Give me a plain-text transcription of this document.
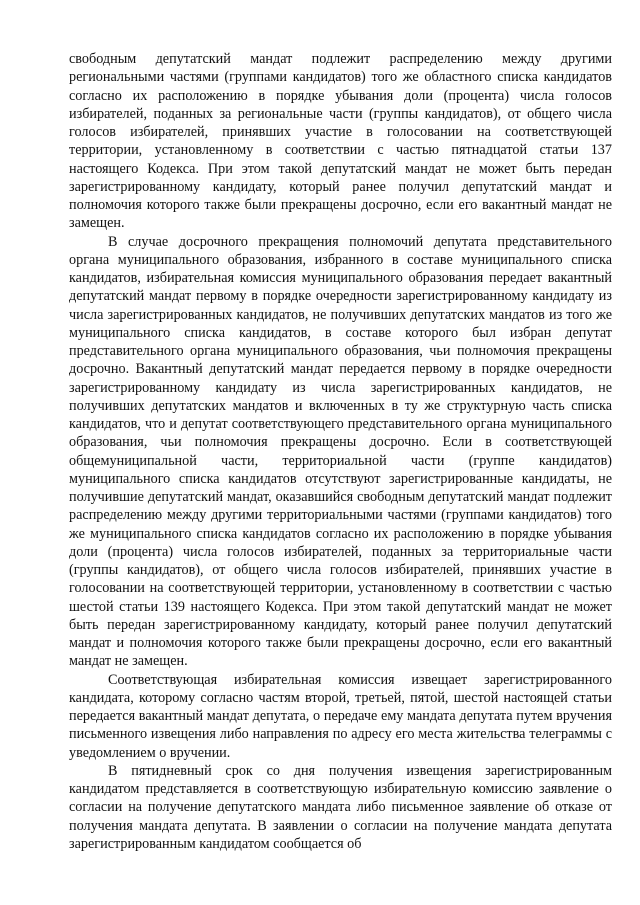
свободным депутатский мандат подлежит распределению между другими региональными частями (группами кандидатов) того же областного списка кандидатов согласно их расположению в порядке убывания доли (процента) числа голосов избирателей, поданных за региональные части (группы кандидатов), от общего числа голосов избирателей, принявших участие в голосовании на соответствующей территории, установленному в соответствии с частью пятнадцатой статьи 137 настоящего Кодекса. При этом такой депутатский мандат не может быть передан зарегистрированному кандидату, который ранее получил депутатский мандат и полномочия которого также были прекращены досрочно, если его вакантный мандат не замещен.

В случае досрочного прекращения полномочий депутата представительного органа муниципального образования, избранного в составе муниципального списка кандидатов, избирательная комиссия муниципального образования передает вакантный депутатский мандат первому в порядке очередности зарегистрированному кандидату из числа зарегистрированных кандидатов, не получивших депутатских мандатов из того же муниципального списка кандидатов, в составе которого был избран депутат представительного органа муниципального образования, чьи полномочия прекращены досрочно. Вакантный депутатский мандат передается первому в порядке очередности зарегистрированному кандидату из числа зарегистрированных кандидатов, не получивших депутатских мандатов и включенных в ту же структурную часть списка кандидатов, что и депутат соответствующего представительного органа муниципального образования, чьи полномочия прекращены досрочно. Если в соответствующей общемуниципальной части, территориальной части (группе кандидатов) муниципального списка кандидатов отсутствуют зарегистрированные кандидаты, не получившие депутатский мандат, оказавшийся свободным депутатский мандат подлежит распределению между другими территориальными частями (группами кандидатов) того же муниципального списка кандидатов согласно их расположению в порядке убывания доли (процента) числа голосов избирателей, поданных за территориальные части (группы кандидатов), от общего числа голосов избирателей, принявших участие в голосовании на соответствующей территории, установленному в соответствии с частью шестой статьи 139 настоящего Кодекса. При этом такой депутатский мандат не может быть передан зарегистрированному кандидату, который ранее получил депутатский мандат и полномочия которого также были прекращены досрочно, если его вакантный мандат не замещен.

Соответствующая избирательная комиссия извещает зарегистрированного кандидата, которому согласно частям второй, третьей, пятой, шестой настоящей статьи передается вакантный мандат депутата, о передаче ему мандата депутата путем вручения письменного извещения либо направления по адресу его места жительства телеграммы с уведомлением о вручении.

В пятидневный срок со дня получения извещения зарегистрированным кандидатом представляется в соответствующую избирательную комиссию заявление о согласии на получение депутатского мандата либо письменное заявление об отказе от получения мандата депутата. В заявлении о согласии на получение мандата депутата зарегистрированным кандидатом сообщается об
